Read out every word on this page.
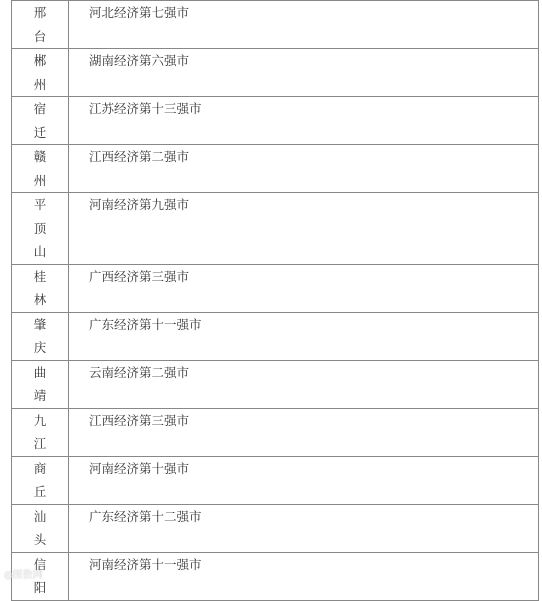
邢
台	河北经济第七强市

郴
州	湖南经济第六强市

宿
迁	江苏经济第十三强市

赣
州	江西经济第二强市

平
顶
山	河南经济第九强市

桂
林	广西经济第三强市

肇
庆	广东经济第十一强市

曲
靖	云南经济第二强市

九
江	江西经济第三强市

商
丘	河南经济第十强市

汕
头	广东经济第十二强市

信
阳	河南经济第十一强市
◎图数网
